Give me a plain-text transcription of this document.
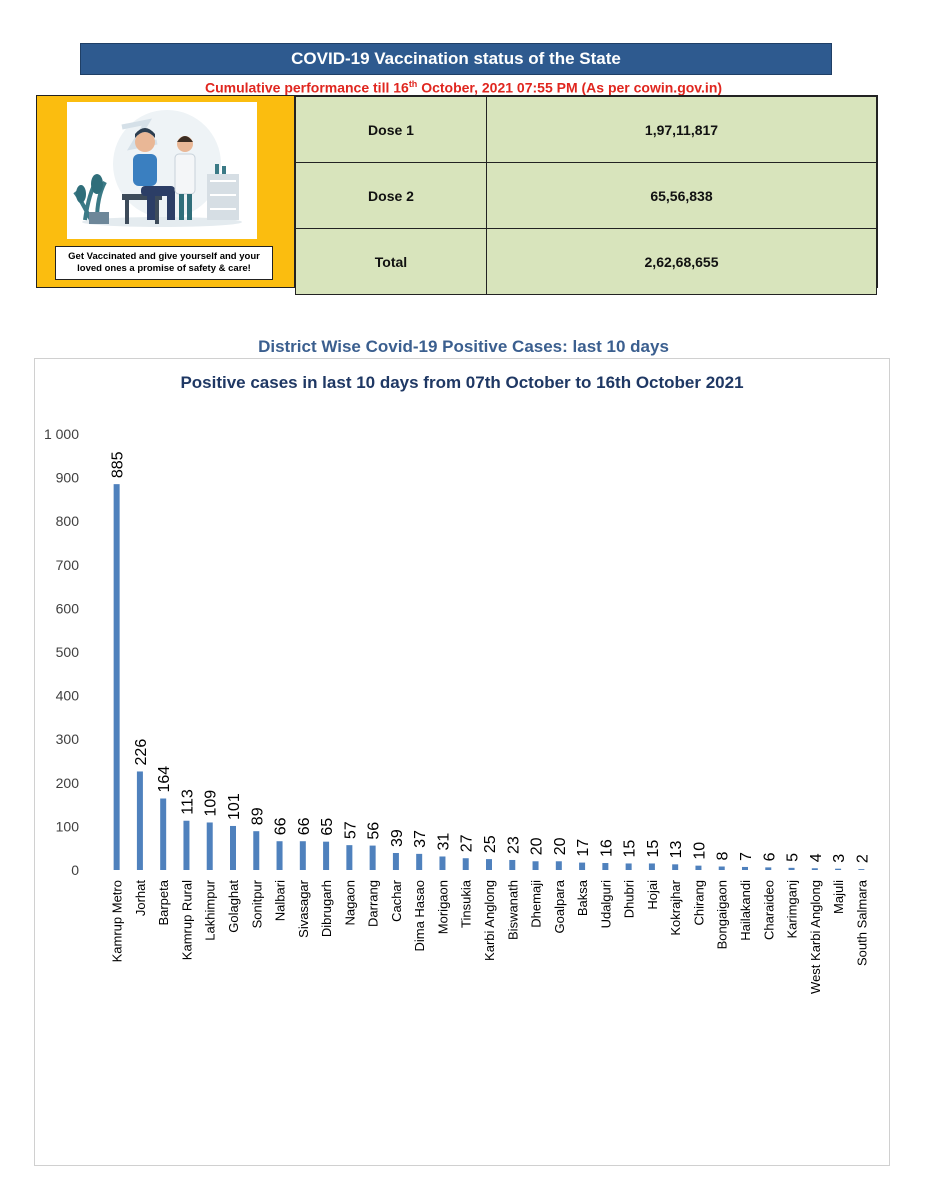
COVID-19 Vaccination status of the State
Cumulative performance till 16th October, 2021 07:55 PM (As per cowin.gov.in)
Get Vaccinated and give yourself and your loved ones a promise of safety & care!
Dose 1	1,97,11,817
Dose 2	65,56,838
Total	2,62,68,655
District Wise Covid-19 Positive Cases: last 10 days
Positive cases in last 10 days from 07th October to 16th October 2021
0
100
200
300
400
500
600
700
800
900
1 000
885
Kamrup Metro
226
Jorhat
164
Barpeta
113
Kamrup Rural
109
Lakhimpur
101
Golaghat
89
Sonitpur
66
Nalbari
66
Sivasagar
65
Dibrugarh
57
Nagaon
56
Darrang
39
Cachar
37
Dima Hasao
31
Morigaon
27
Tinsukia
25
Karbi Anglong
23
Biswanath
20
Dhemaji
20
Goalpara
17
Baksa
16
Udalguri
15
Dhubri
15
Hojai
13
Kokrajhar
10
Chirang
8
Bongaigaon
7
Hailakandi
6
Charaideo
5
Karimganj
4
West Karbi Anglong
3
Majuli
2
South Salmara
